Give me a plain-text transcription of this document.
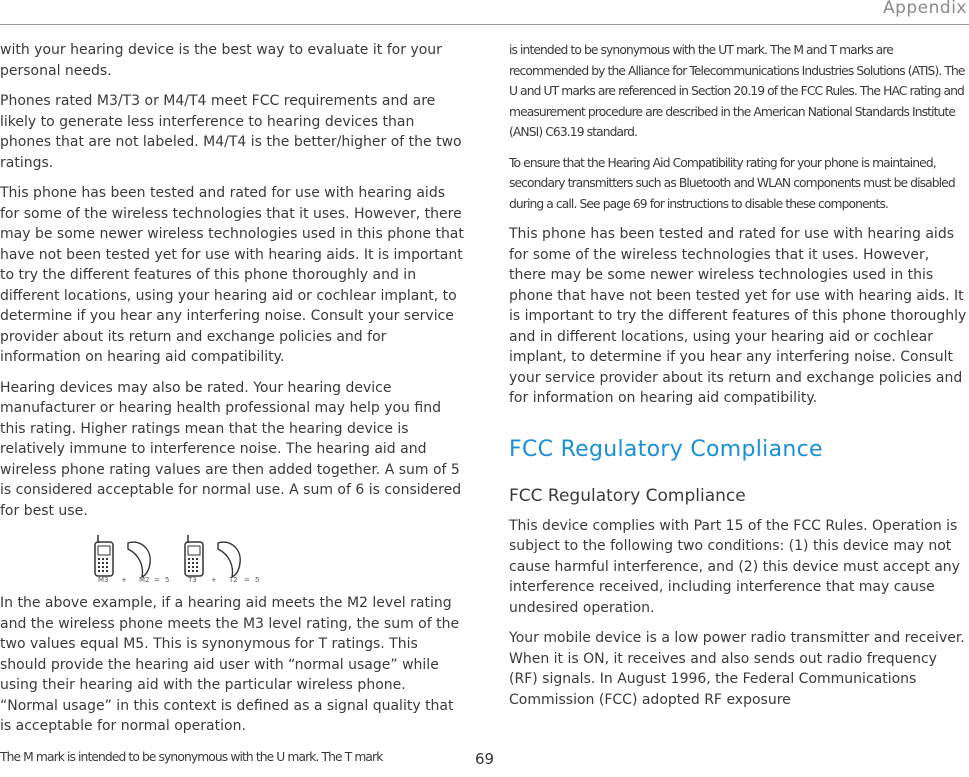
Appendix

with your hearing device is the best way to evaluate it for your personal needs.

Phones rated M3/T3 or M4/T4 meet FCC requirements and are likely to generate less interference to hearing devices than phones that are not labeled. M4/T4 is the better/higher of the two ratings.

This phone has been tested and rated for use with hearing aids for some of the wireless technologies that it uses. However, there may be some newer wireless technologies used in this phone that have not been tested yet for use with hearing aids. It is important to try the different features of this phone thoroughly and in different locations, using your hearing aid or cochlear implant, to determine if you hear any interfering noise. Consult your service provider about its return and exchange policies and for information on hearing aid compatibility.

Hearing devices may also be rated. Your hearing device manufacturer or hearing health professional may help you find this rating. Higher ratings mean that the hearing device is relatively immune to interference noise. The hearing aid and wireless phone rating values are then added together. A sum of 5 is considered acceptable for normal use. A sum of 6 is considered for best use.

M3 + M2 = 5	T3 + T2 = 5

In the above example, if a hearing aid meets the M2 level rating and the wireless phone meets the M3 level rating, the sum of the two values equal M5. This is synonymous for T ratings. This should provide the hearing aid user with “normal usage” while using their hearing aid with the particular wireless phone. “Normal usage” in this context is defined as a signal quality that is acceptable for normal operation.

The M mark is intended to be synonymous with the U mark. The T mark

is intended to be synonymous with the UT mark. The M and T marks are recommended by the Alliance for Telecommunications Industries Solutions (ATIS). The U and UT marks are referenced in Section 20.19 of the FCC Rules. The HAC rating and measurement procedure are described in the American National Standards Institute (ANSI) C63.19 standard.

To ensure that the Hearing Aid Compatibility rating for your phone is maintained, secondary transmitters such as Bluetooth and WLAN components must be disabled during a call. See page 69 for instructions to disable these components.

This phone has been tested and rated for use with hearing aids for some of the wireless technologies that it uses. However, there may be some newer wireless technologies used in this phone that have not been tested yet for use with hearing aids. It is important to try the different features of this phone thoroughly and in different locations, using your hearing aid or cochlear implant, to determine if you hear any interfering noise. Consult your service provider about its return and exchange policies and for information on hearing aid compatibility.

FCC Regulatory Compliance
FCC Regulatory Compliance

This device complies with Part 15 of the FCC Rules. Operation is subject to the following two conditions: (1) this device may not cause harmful interference, and (2) this device must accept any interference received, including interference that may cause undesired operation.

Your mobile device is a low power radio transmitter and receiver. When it is ON, it receives and also sends out radio frequency (RF) signals. In August 1996, the Federal Communications Commission (FCC) adopted RF exposure

69
